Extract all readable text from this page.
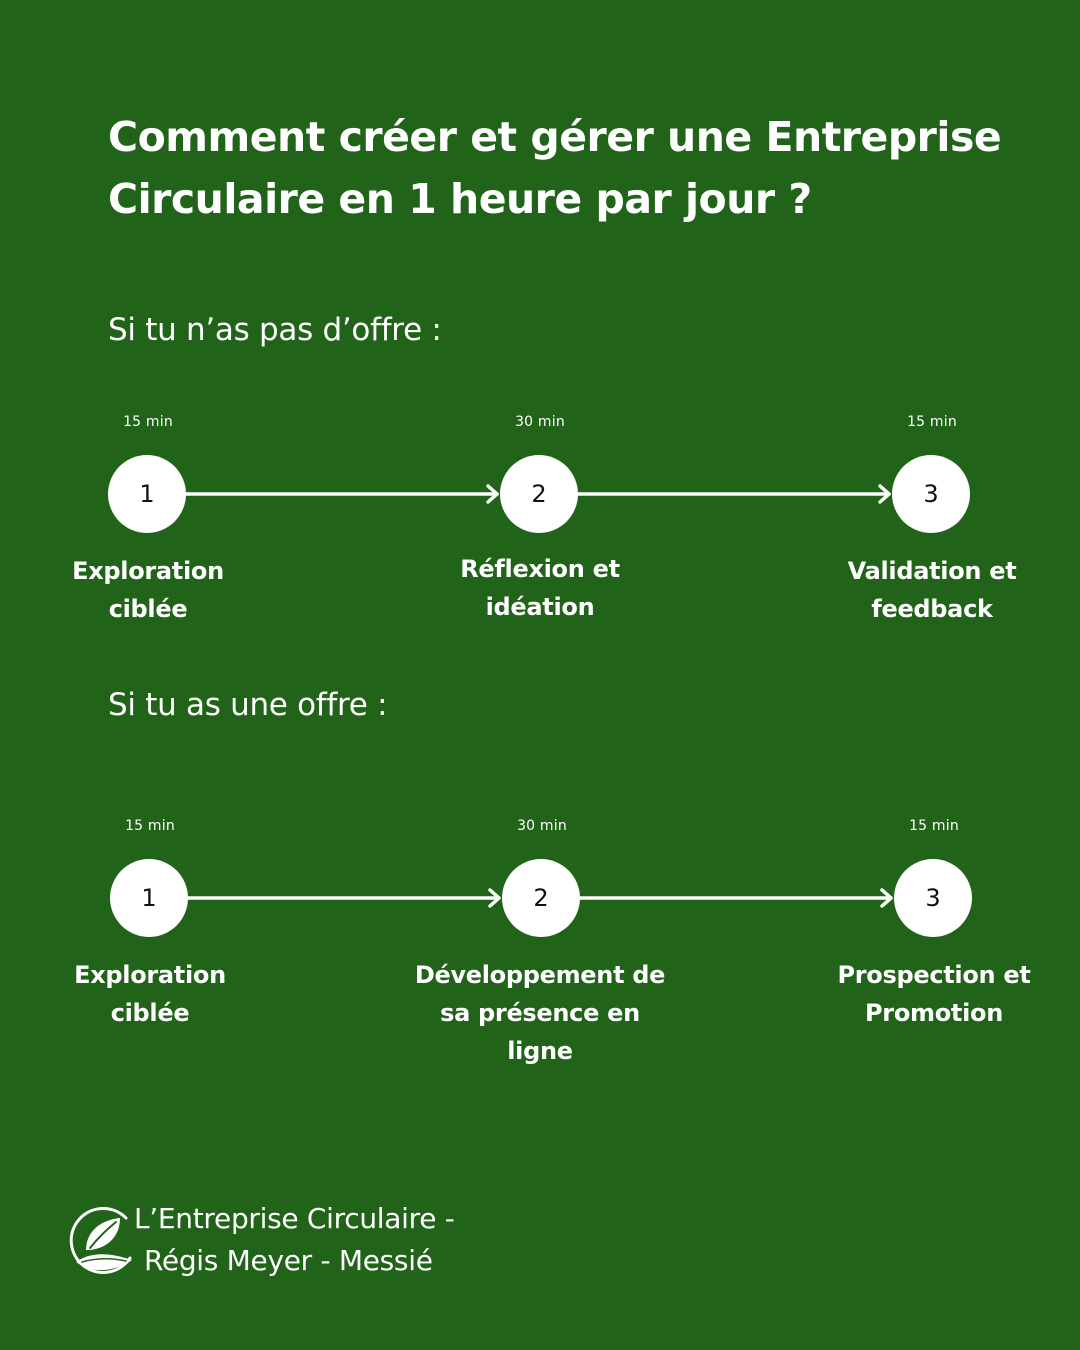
Comment créer et gérer une Entreprise
Circulaire en 1 heure par jour ?
Si tu n’as pas d’offre :
15 min	30 min	15 min
1	2	3
Exploration
ciblée
Réflexion et
idéation
Validation et
feedback
Si tu as une offre :
15 min	30 min	15 min
1	2	3
Exploration
ciblée
Développement de
sa présence en
ligne
Prospection et
Promotion
L’Entreprise Circulaire -
Régis Meyer - Messié
